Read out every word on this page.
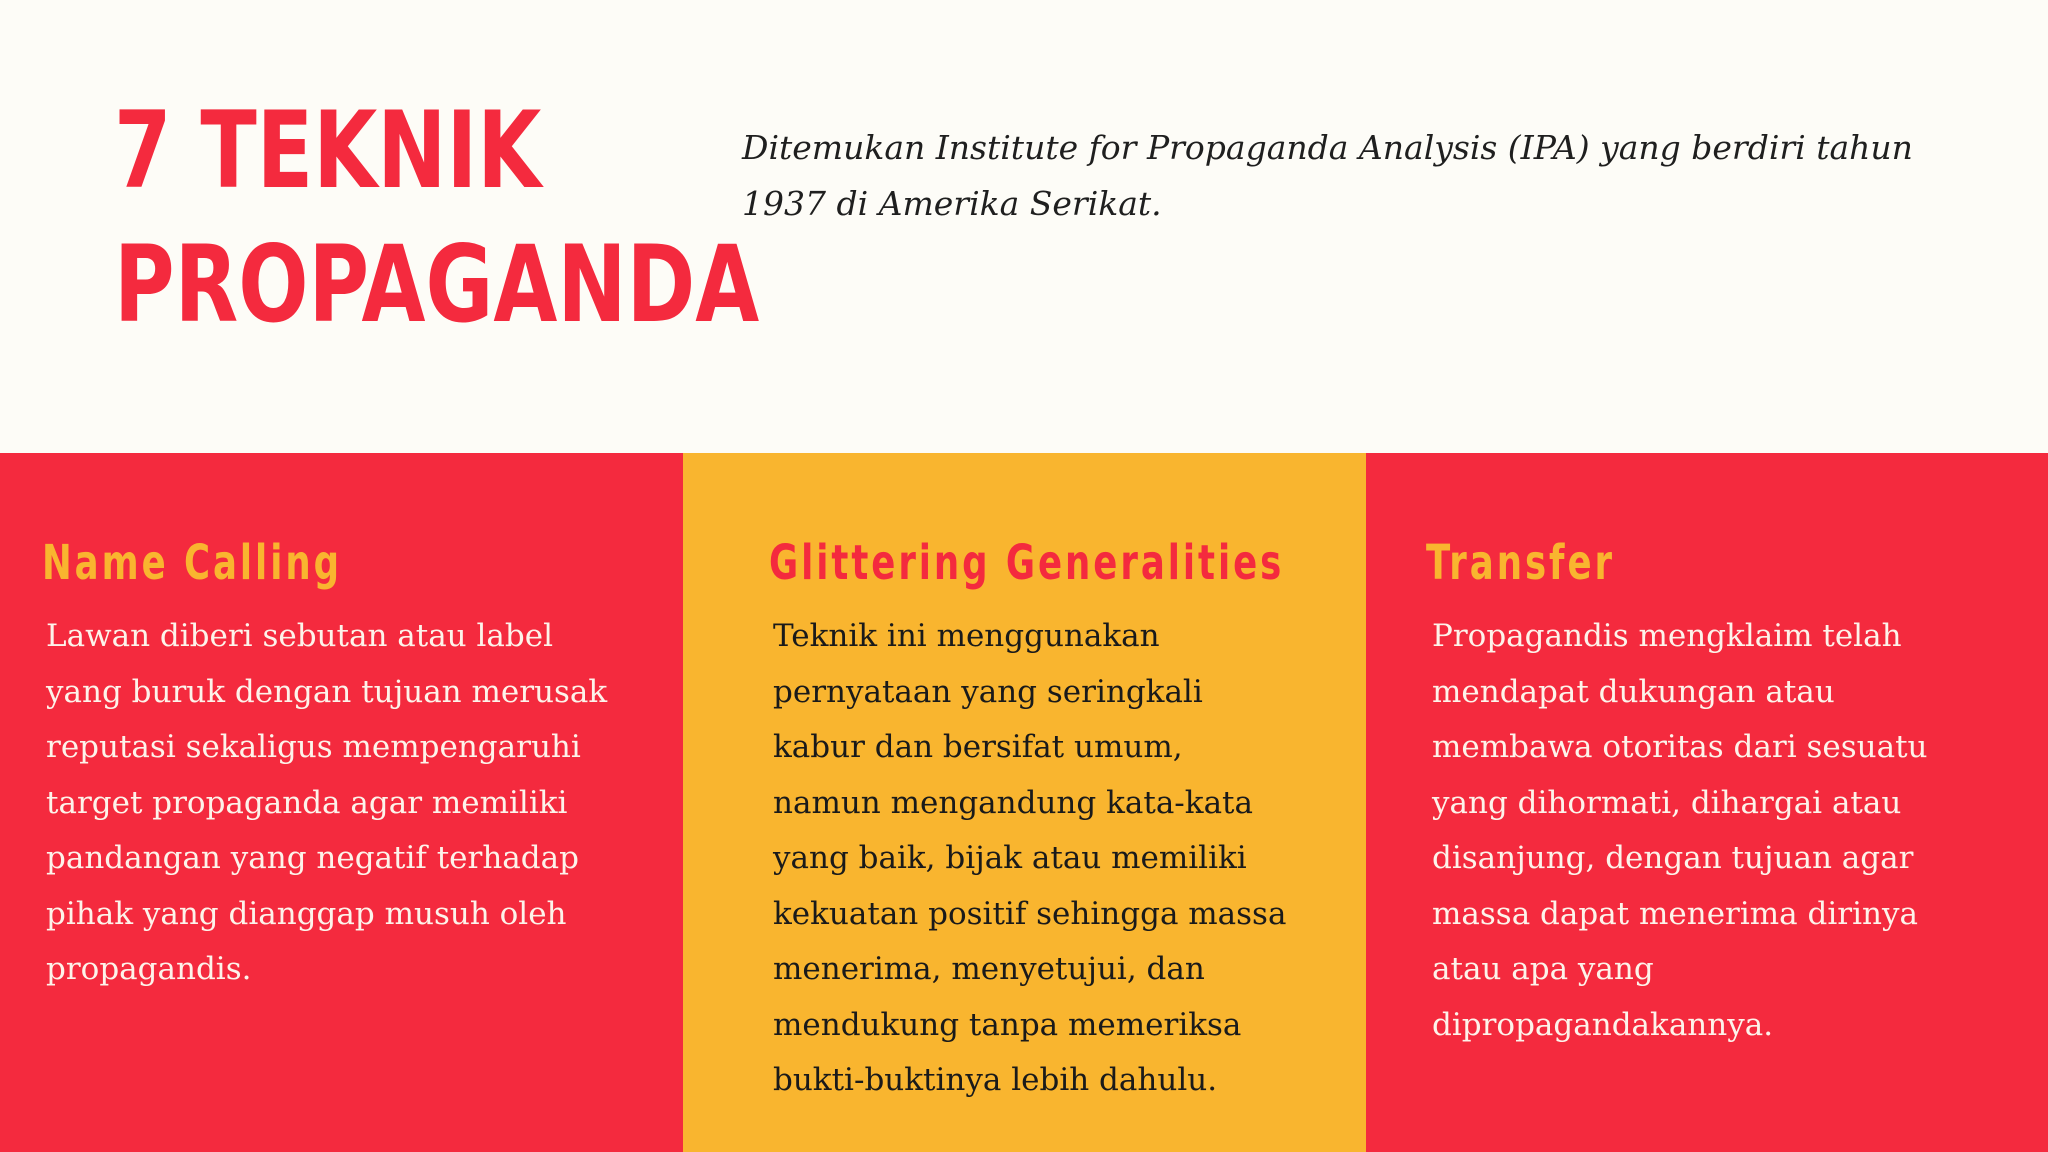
7 TEKNIK
PROPAGANDA

Ditemukan Institute for Propaganda Analysis (IPA) yang berdiri tahun
1937 di Amerika Serikat.

Name Calling

Lawan diberi sebutan atau label
yang buruk dengan tujuan merusak
reputasi sekaligus mempengaruhi
target propaganda agar memiliki
pandangan yang negatif terhadap
pihak yang dianggap musuh oleh
propagandis.

Glittering Generalities

Teknik ini menggunakan
pernyataan yang seringkali
kabur dan bersifat umum,
namun mengandung kata-kata
yang baik, bijak atau memiliki
kekuatan positif sehingga massa
menerima, menyetujui, dan
mendukung tanpa memeriksa
bukti-buktinya lebih dahulu.

Transfer

Propagandis mengklaim telah
mendapat dukungan atau
membawa otoritas dari sesuatu
yang dihormati, dihargai atau
disanjung, dengan tujuan agar
massa dapat menerima dirinya
atau apa yang
dipropagandakannya.
